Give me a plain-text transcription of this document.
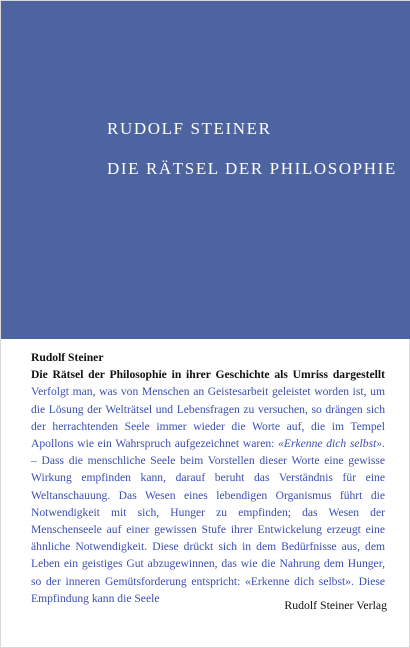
RUDOLF STEINER
DIE RÄTSEL DER PHILOSOPHIE
Rudolf Steiner
Die Rätsel der Philosophie in ihrer Geschichte als Umriss dargestellt Verfolgt man, was von Menschen an Geistesarbeit geleistet worden ist, um die Lösung der Welträtsel und Lebensfragen zu versuchen, so drängen sich der herrachtenden Seele immer wieder die Worte auf, die im Tempel Apollons wie ein Wahrspruch aufgezeichnet waren: «Erkenne dich selbst». – Dass die menschliche Seele beim Vorstellen dieser Worte eine gewisse Wirkung empfinden kann, darauf beruht das Verständnis für eine Weltanschauung. Das Wesen eines lebendigen Organismus führt die Notwendigkeit mit sich, Hunger zu empfinden; das Wesen der Menschenseele auf einer gewissen Stufe ihrer Entwickelung erzeugt eine ähnliche Notwendigkeit. Diese drückt sich in dem Bedürfnisse aus, dem Leben ein geistiges Gut abzugewinnen, das wie die Nahrung dem Hunger, so der inneren Gemütsforderung entspricht: «Erkenne dich selbst». Diese Empfindung kann die Seele	Rudolf Steiner Verlag
